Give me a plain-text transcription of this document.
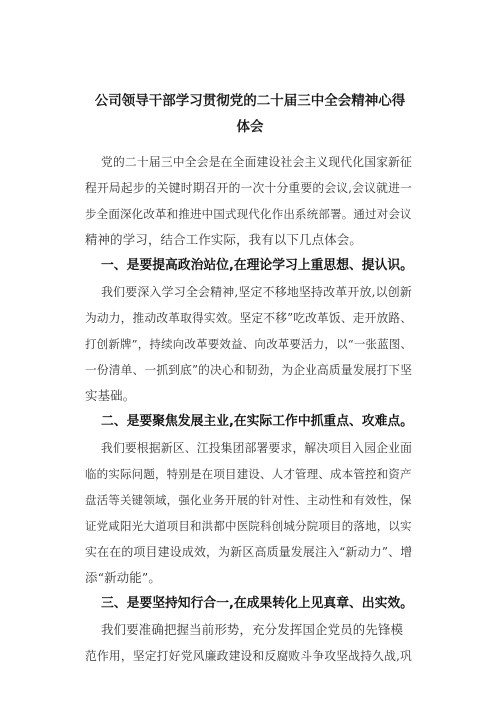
公司领导干部学习贯彻党的二十届三中全会精神心得
体会
党的二十届三中全会是在全面建设社会主义现代化国家新征
程开局起步的关键时期召开的一次十分重要的会议,会议就进一
步全面深化改革和推进中国式现代化作出系统部署。通过对会议
精神的学习，结合工作实际，我有以下几点体会。
一、是要提高政治站位,在理论学习上重思想、提认识。
我们要深入学习全会精神,坚定不移地坚持改革开放,以创新
为动力，推动改革取得实效。坚定不移”吃改革饭、走开放路、
打创新牌”，持续向改革要效益、向改革要活力，以“一张蓝图、
一份清单、一抓到底”的决心和韧劲，为企业高质量发展打下坚
实基础。
二、是要聚焦发展主业,在实际工作中抓重点、攻难点。
我们要根据新区、江投集团部署要求，解决项目入园企业面
临的实际问题，特别是在项目建设、人才管理、成本管控和资产
盘活等关键领域，强化业务开展的针对性、主动性和有效性，保
证党咸阳光大道项目和洪都中医院科创城分院项目的落地，以实
实在在的项目建设成效，为新区高质量发展注入“新动力”、增
添“新动能”。
三、是要坚持知行合一,在成果转化上见真章、出实效。
我们要准确把握当前形势，充分发挥国企党员的先锋模
范作用，坚定打好党风廉政建设和反腐败斗争攻坚战持久战,巩
